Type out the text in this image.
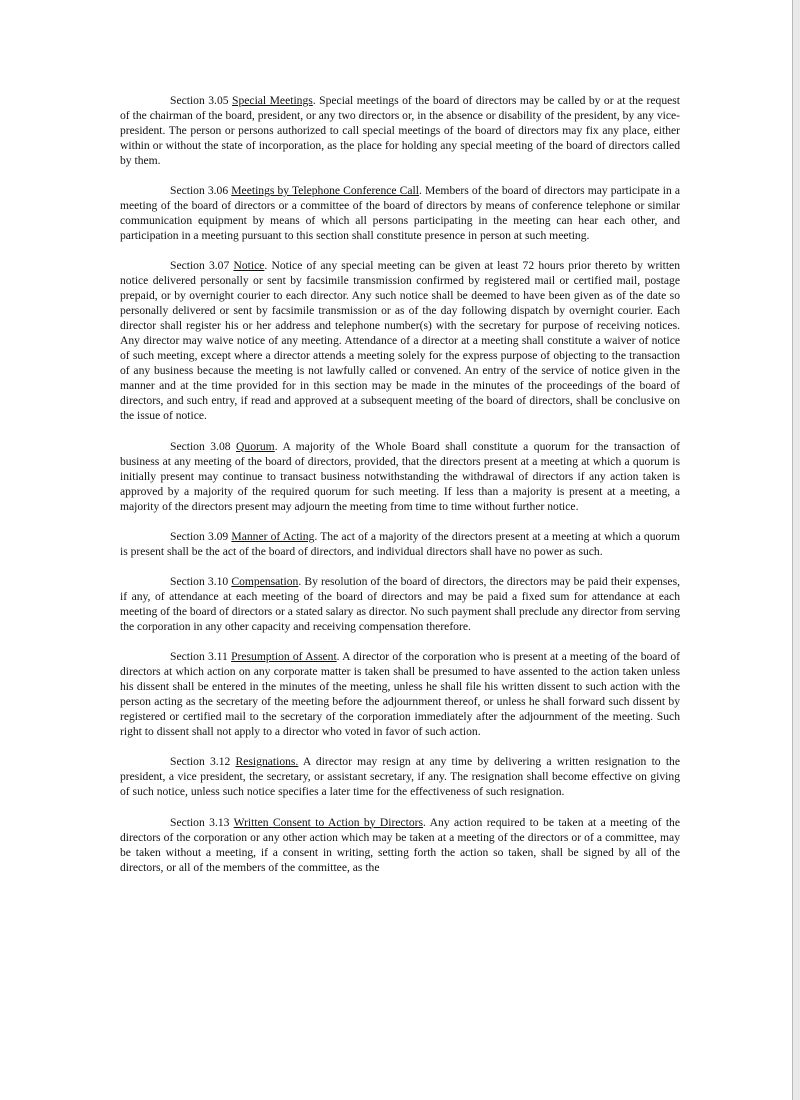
Section 3.05 Special Meetings. Special meetings of the board of directors may be called by or at the request of the chairman of the board, president, or any two directors or, in the absence or disability of the president, by any vice-president. The person or persons authorized to call special meetings of the board of directors may fix any place, either within or without the state of incorporation, as the place for holding any special meeting of the board of directors called by them.

Section 3.06 Meetings by Telephone Conference Call. Members of the board of directors may participate in a meeting of the board of directors or a committee of the board of directors by means of conference telephone or similar communication equipment by means of which all persons participating in the meeting can hear each other, and participation in a meeting pursuant to this section shall constitute presence in person at such meeting.

Section 3.07 Notice. Notice of any special meeting can be given at least 72 hours prior thereto by written notice delivered personally or sent by facsimile transmission confirmed by registered mail or certified mail, postage prepaid, or by overnight courier to each director. Any such notice shall be deemed to have been given as of the date so personally delivered or sent by facsimile transmission or as of the day following dispatch by overnight courier. Each director shall register his or her address and telephone number(s) with the secretary for purpose of receiving notices. Any director may waive notice of any meeting. Attendance of a director at a meeting shall constitute a waiver of notice of such meeting, except where a director attends a meeting solely for the express purpose of objecting to the transaction of any business because the meeting is not lawfully called or convened. An entry of the service of notice given in the manner and at the time provided for in this section may be made in the minutes of the proceedings of the board of directors, and such entry, if read and approved at a subsequent meeting of the board of directors, shall be conclusive on the issue of notice.

Section 3.08 Quorum. A majority of the Whole Board shall constitute a quorum for the transaction of business at any meeting of the board of directors, provided, that the directors present at a meeting at which a quorum is initially present may continue to transact business notwithstanding the withdrawal of directors if any action taken is approved by a majority of the required quorum for such meeting. If less than a majority is present at a meeting, a majority of the directors present may adjourn the meeting from time to time without further notice.

Section 3.09 Manner of Acting. The act of a majority of the directors present at a meeting at which a quorum is present shall be the act of the board of directors, and individual directors shall have no power as such.

Section 3.10 Compensation. By resolution of the board of directors, the directors may be paid their expenses, if any, of attendance at each meeting of the board of directors and may be paid a fixed sum for attendance at each meeting of the board of directors or a stated salary as director. No such payment shall preclude any director from serving the corporation in any other capacity and receiving compensation therefore.

Section 3.11 Presumption of Assent. A director of the corporation who is present at a meeting of the board of directors at which action on any corporate matter is taken shall be presumed to have assented to the action taken unless his dissent shall be entered in the minutes of the meeting, unless he shall file his written dissent to such action with the person acting as the secretary of the meeting before the adjournment thereof, or unless he shall forward such dissent by registered or certified mail to the secretary of the corporation immediately after the adjournment of the meeting. Such right to dissent shall not apply to a director who voted in favor of such action.

Section 3.12 Resignations. A director may resign at any time by delivering a written resignation to the president, a vice president, the secretary, or assistant secretary, if any. The resignation shall become effective on giving of such notice, unless such notice specifies a later time for the effectiveness of such resignation.

Section 3.13 Written Consent to Action by Directors. Any action required to be taken at a meeting of the directors of the corporation or any other action which may be taken at a meeting of the directors or of a committee, may be taken without a meeting, if a consent in writing, setting forth the action so taken, shall be signed by all of the directors, or all of the members of the committee, as the
